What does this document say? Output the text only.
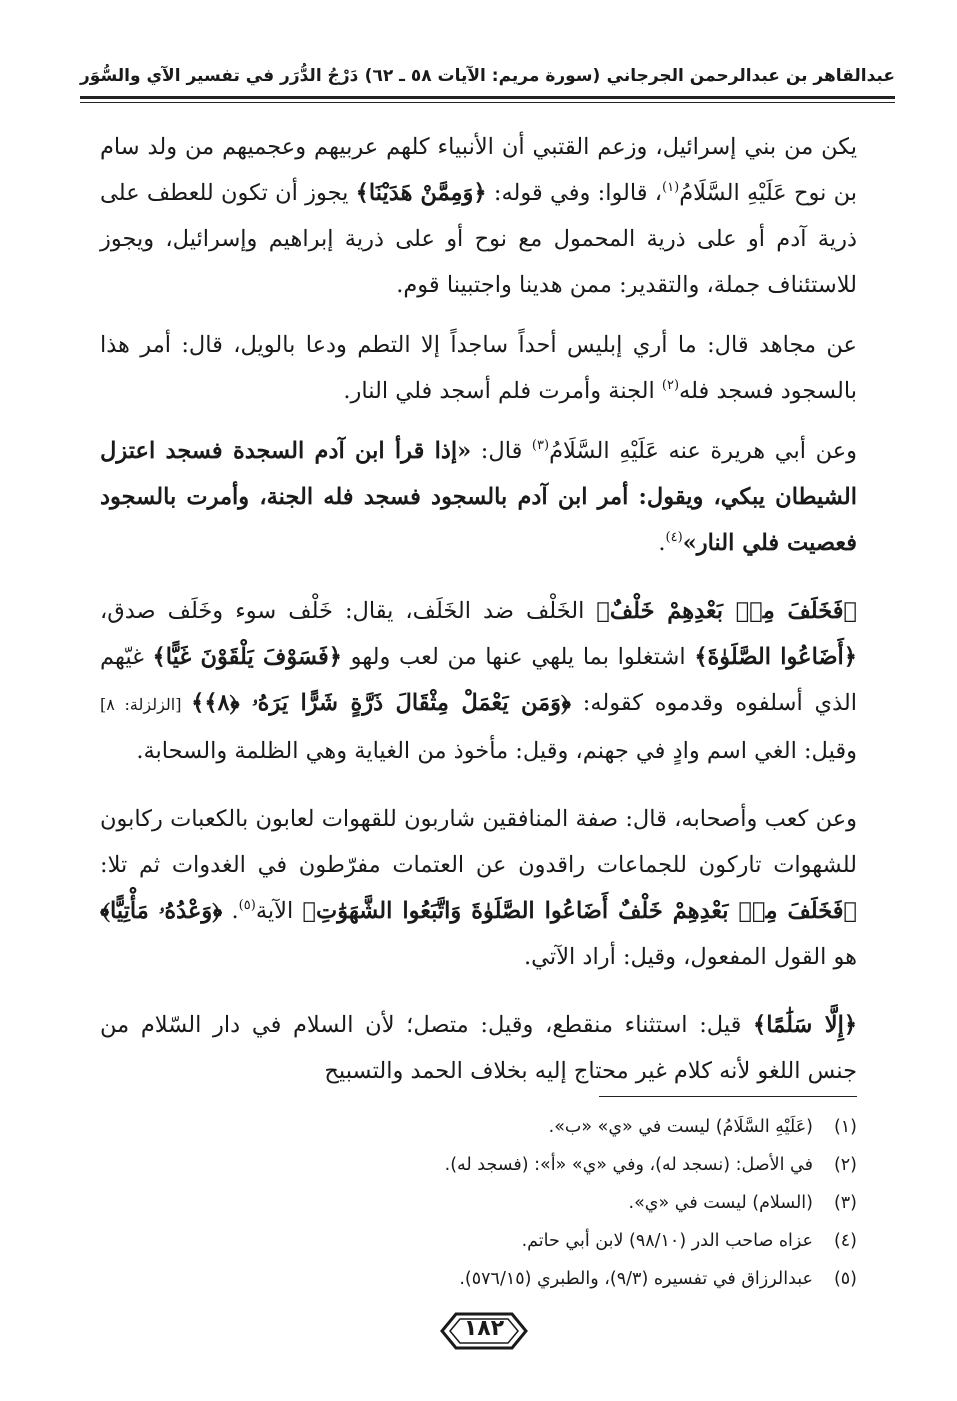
عبدالقاهر بن عبدالرحمن الجرجاني
(سورة مريم: الآيات ٥٨ ـ ٦٢)
دَرْجُ الدُّرَر في تفسير الآي والسُّوَر

يكن من بني إسرائيل، وزعم القتبي أن الأنبياء كلهم عربيهم وعجميهم من ولد سام بن نوح عَلَيْهِ السَّلَامُ$^{(١)}$، قالوا: وفي قوله: ﴿وَمِمَّنْ هَدَيْنَا﴾ يجوز أن تكون للعطف على ذرية آدم أو على ذرية المحمول مع نوح أو على ذرية إبراهيم وإسرائيل، ويجوز للاستئناف جملة، والتقدير: ممن هدينا واجتبينا قوم.

عن مجاهد قال: ما أري إبليس أحداً ساجداً إلا التطم ودعا بالويل، قال: أمر هذا بالسجود فسجد فله$^{(٢)}$ الجنة وأمرت فلم أسجد فلي النار.

وعن أبي هريرة عنه عَلَيْهِ السَّلَامُ$^{(٣)}$ قال: «إذا قرأ ابن آدم السجدة فسجد اعتزل الشيطان يبكي، ويقول: أمر ابن آدم بالسجود فسجد فله الجنة، وأمرت بالسجود فعصيت فلي النار»$^{(٤)}$.

﴿فَخَلَفَ مِنۢ بَعْدِهِمْ خَلْفٌ﴾ الخَلْف ضد الخَلَف، يقال: خَلْف سوء وخَلَف صدق، ﴿أَضَاعُوا الصَّلَوٰةَ﴾ اشتغلوا بما يلهي عنها من لعب ولهو ﴿فَسَوْفَ يَلْقَوْنَ غَيًّا﴾ غيّهم الذي أسلفوه وقدموه كقوله: ﴿وَمَن يَعْمَلْ مِثْقَالَ ذَرَّةٍ شَرًّا يَرَهُۥ ﴿٨﴾﴾ [الزلزلة: ٨] وقيل: الغي اسم وادٍ في جهنم، وقيل: مأخوذ من الغياية وهي الظلمة والسحابة.

وعن كعب وأصحابه، قال: صفة المنافقين شاربون للقهوات لعابون بالكعبات ركابون للشهوات تاركون للجماعات راقدون عن العتمات مفرّطون في الغدوات ثم تلا: ﴿فَخَلَفَ مِنۢ بَعْدِهِمْ خَلْفٌ أَضَاعُوا الصَّلَوٰةَ وَاتَّبَعُوا الشَّهَوَٰتِ﴾ الآية$^{(٥)}$. ﴿وَعْدُهُۥ مَأْتِيًّا﴾ هو القول المفعول، وقيل: أراد الآتي.

﴿إِلَّا سَلَٰمًا﴾ قيل: استثناء منقطع، وقيل: متصل؛ لأن السلام في دار السّلام من جنس اللغو لأنه كلام غير محتاج إليه بخلاف الحمد والتسبيح

(١)(عَلَيْهِ السَّلَامُ) ليست في «ي» «ب».
(٢)في الأصل: (نسجد له)، وفي «ي» «أ»: (فسجد له).
(٣)(السلام) ليست في «ي».
(٤)عزاه صاحب الدر (٩٨/١٠) لابن أبي حاتم.
(٥)عبدالرزاق في تفسيره (٩/٣)، والطبري (٥٧٦/١٥).
١٨٢
